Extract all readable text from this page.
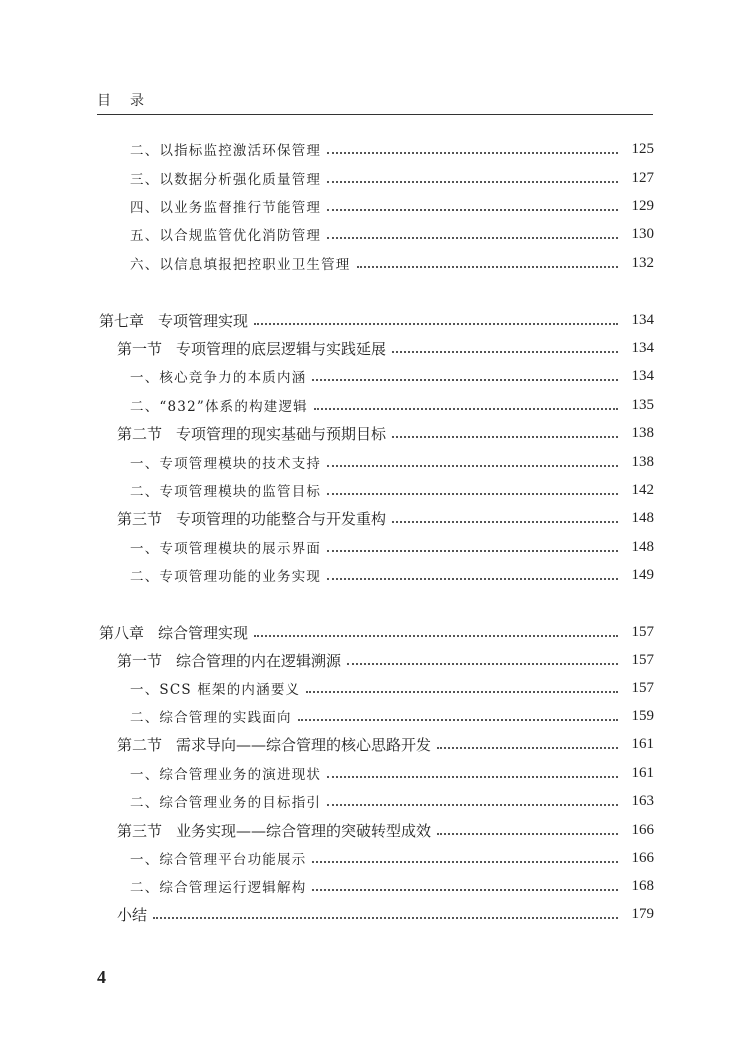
目 录
二、以指标监控激活环保管理	125
三、以数据分析强化质量管理	127
四、以业务监督推行节能管理	129
五、以合规监管优化消防管理	130
六、以信息填报把控职业卫生管理	132
第七章 专项管理实现	134
第一节 专项管理的底层逻辑与实践延展	134
一、核心竞争力的本质内涵	134
二、“832”体系的构建逻辑	135
第二节 专项管理的现实基础与预期目标	138
一、专项管理模块的技术支持	138
二、专项管理模块的监管目标	142
第三节 专项管理的功能整合与开发重构	148
一、专项管理模块的展示界面	148
二、专项管理功能的业务实现	149
第八章 综合管理实现	157
第一节 综合管理的内在逻辑溯源	157
一、SCS 框架的内涵要义	157
二、综合管理的实践面向	159
第二节 需求导向——综合管理的核心思路开发	161
一、综合管理业务的演进现状	161
二、综合管理业务的目标指引	163
第三节 业务实现——综合管理的突破转型成效	166
一、综合管理平台功能展示	166
二、综合管理运行逻辑解构	168
小结	179
4
